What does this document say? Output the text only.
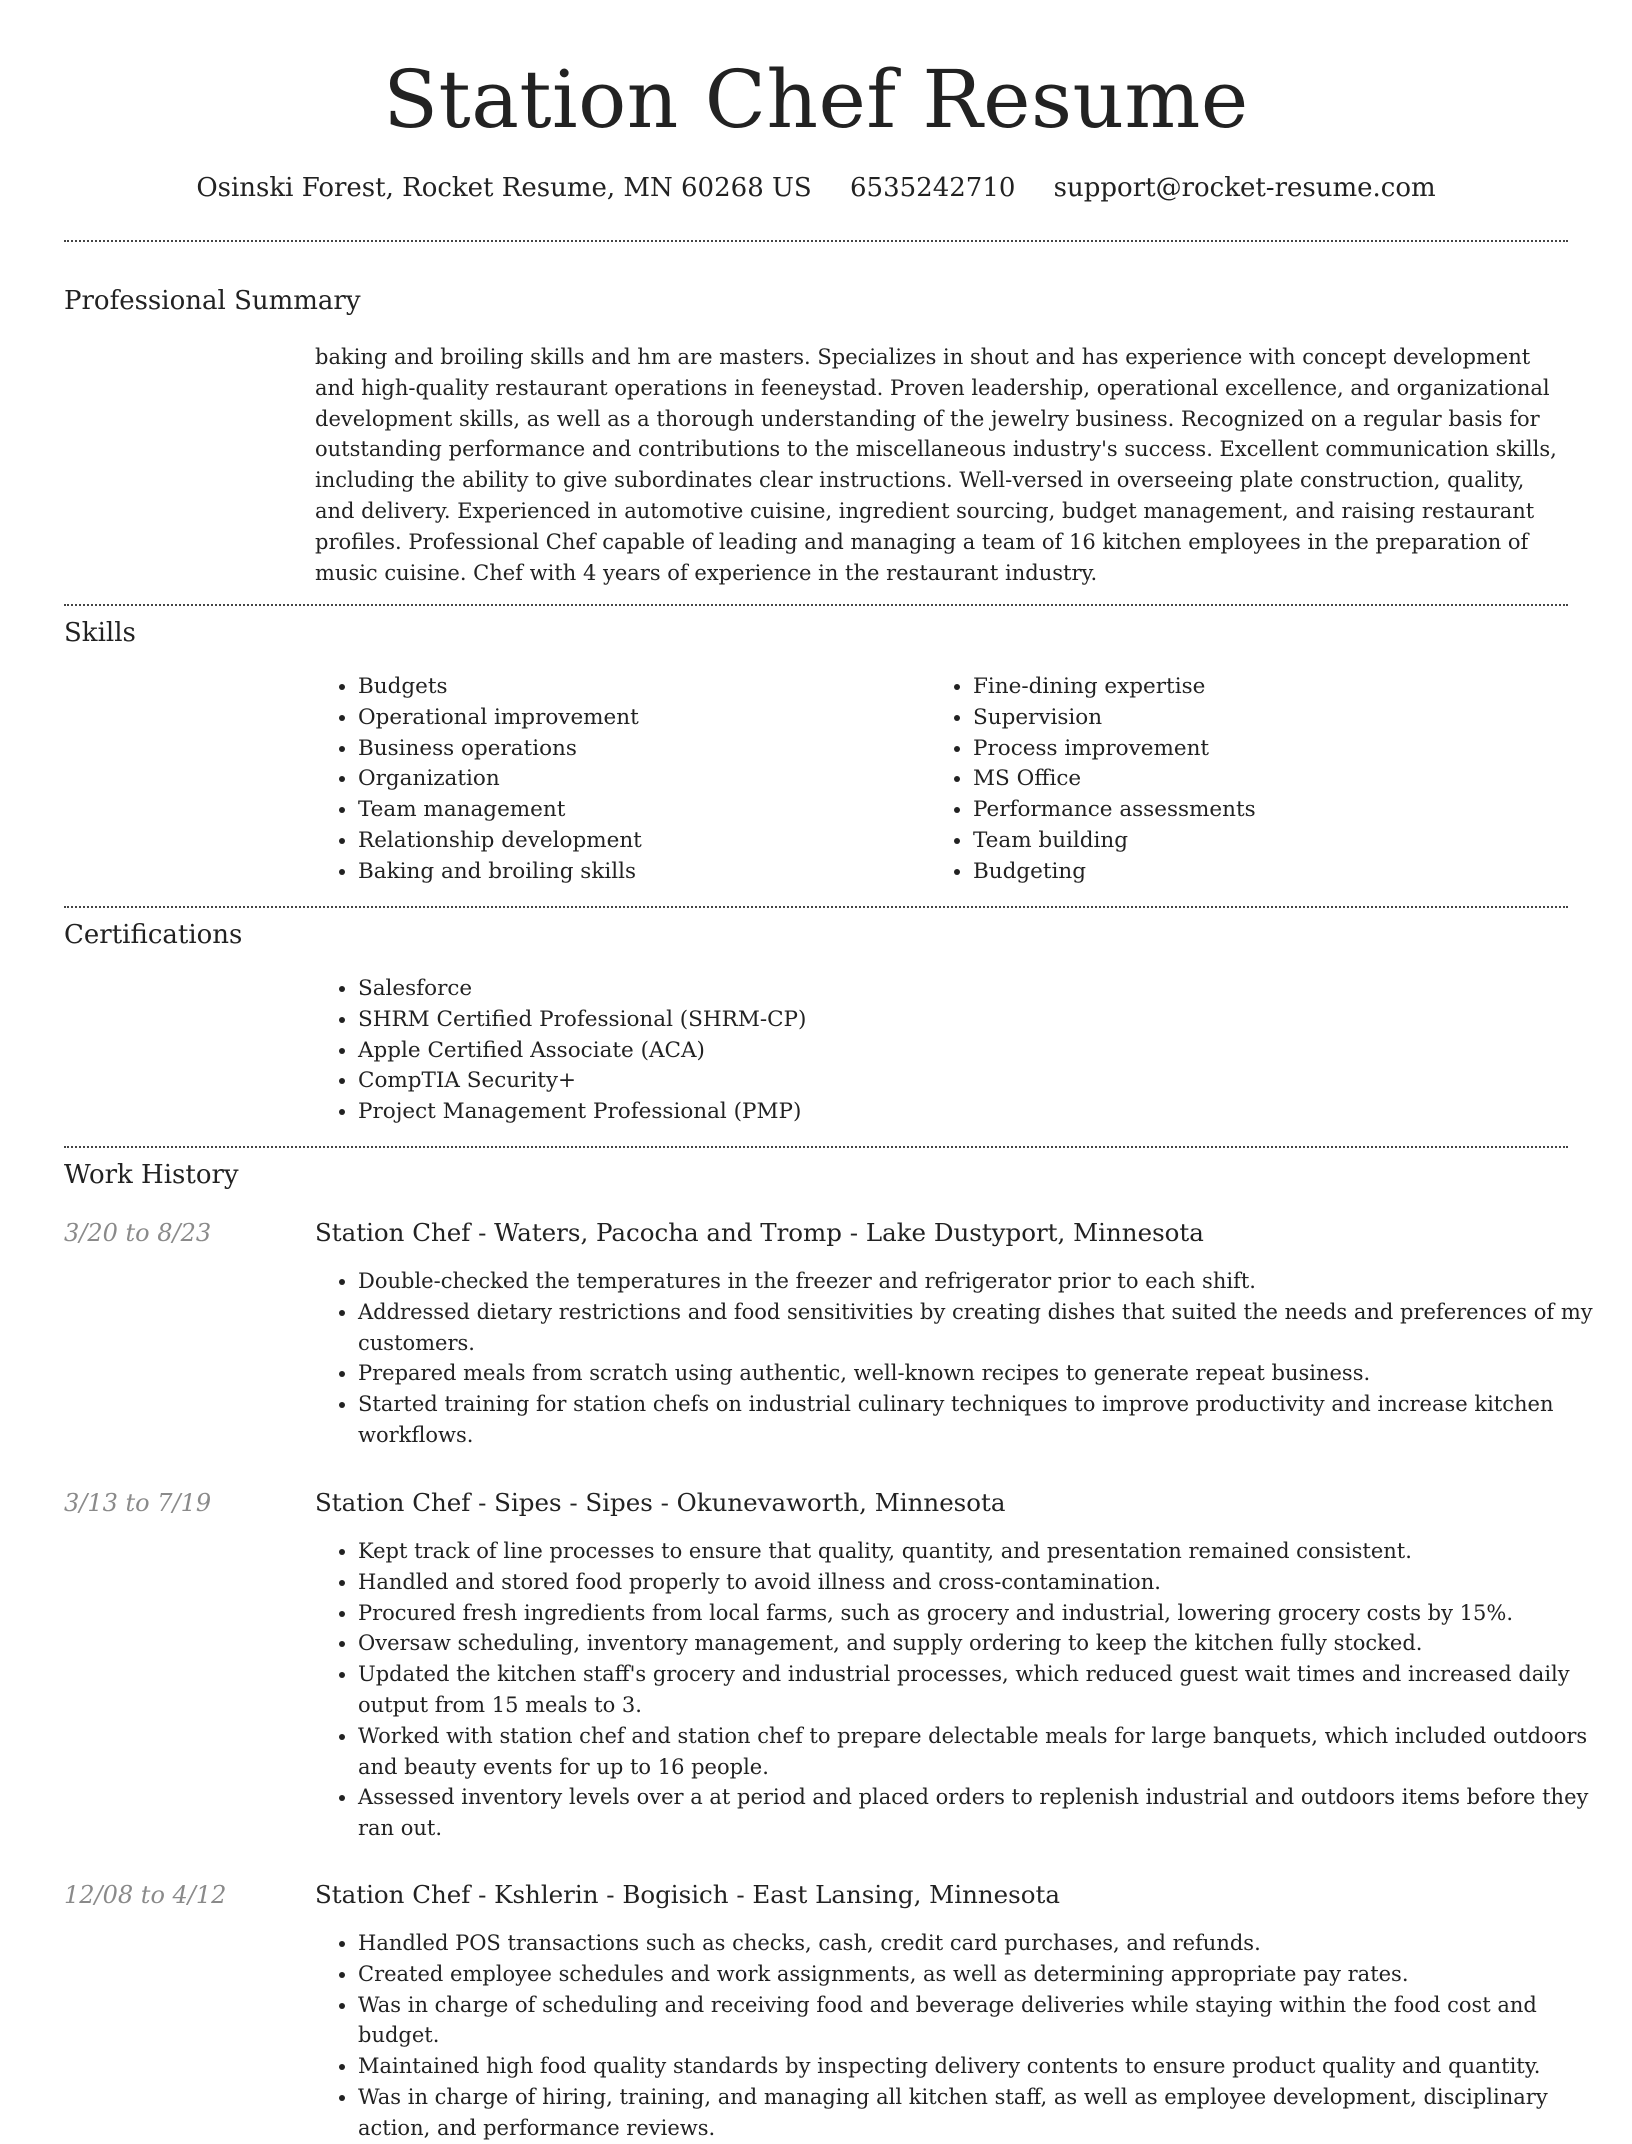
Station Chef Resume
Osinski Forest, Rocket Resume, MN 60268 US 6535242710 support@rocket-resume.com
Professional Summary

baking and broiling skills and hm are masters. Specializes in shout and has experience with concept development and high-quality restaurant operations in feeneystad. Proven leadership, operational excellence, and organizational development skills, as well as a thorough understanding of the jewelry business. Recognized on a regular basis for outstanding performance and contributions to the miscellaneous industry's success. Excellent communication skills, including the ability to give subordinates clear instructions. Well-versed in overseeing plate construction, quality, and delivery. Experienced in automotive cuisine, ingredient sourcing, budget management, and raising restaurant profiles. Professional Chef capable of leading and managing a team of 16 kitchen employees in the preparation of music cuisine. Chef with 4 years of experience in the restaurant industry.

Skills
• Budgets
• Operational improvement
• Business operations
• Organization
• Team management
• Relationship development
• Baking and broiling skills
• Fine-dining expertise
• Supervision
• Process improvement
• MS Office
• Performance assessments
• Team building
• Budgeting
Certifications
• Salesforce
• SHRM Certified Professional (SHRM-CP)
• Apple Certified Associate (ACA)
• CompTIA Security+
• Project Management Professional (PMP)
Work History
3/20 to 8/23	Station Chef - Waters, Pacocha and Tromp - Lake Dustyport, Minnesota
• Double-checked the temperatures in the freezer and refrigerator prior to each shift.
• Addressed dietary restrictions and food sensitivities by creating dishes that suited the needs and preferences of my customers.
• Prepared meals from scratch using authentic, well-known recipes to generate repeat business.
• Started training for station chefs on industrial culinary techniques to improve productivity and increase kitchen workflows.
3/13 to 7/19	Station Chef - Sipes - Sipes - Okunevaworth, Minnesota
• Kept track of line processes to ensure that quality, quantity, and presentation remained consistent.
• Handled and stored food properly to avoid illness and cross-contamination.
• Procured fresh ingredients from local farms, such as grocery and industrial, lowering grocery costs by 15%.
• Oversaw scheduling, inventory management, and supply ordering to keep the kitchen fully stocked.
• Updated the kitchen staff's grocery and industrial processes, which reduced guest wait times and increased daily output from 15 meals to 3.
• Worked with station chef and station chef to prepare delectable meals for large banquets, which included outdoors and beauty events for up to 16 people.
• Assessed inventory levels over a at period and placed orders to replenish industrial and outdoors items before they ran out.
12/08 to 4/12	Station Chef - Kshlerin - Bogisich - East Lansing, Minnesota
• Handled POS transactions such as checks, cash, credit card purchases, and refunds.
• Created employee schedules and work assignments, as well as determining appropriate pay rates.
• Was in charge of scheduling and receiving food and beverage deliveries while staying within the food cost and budget.
• Maintained high food quality standards by inspecting delivery contents to ensure product quality and quantity.
• Was in charge of hiring, training, and managing all kitchen staff, as well as employee development, disciplinary action, and performance reviews.
